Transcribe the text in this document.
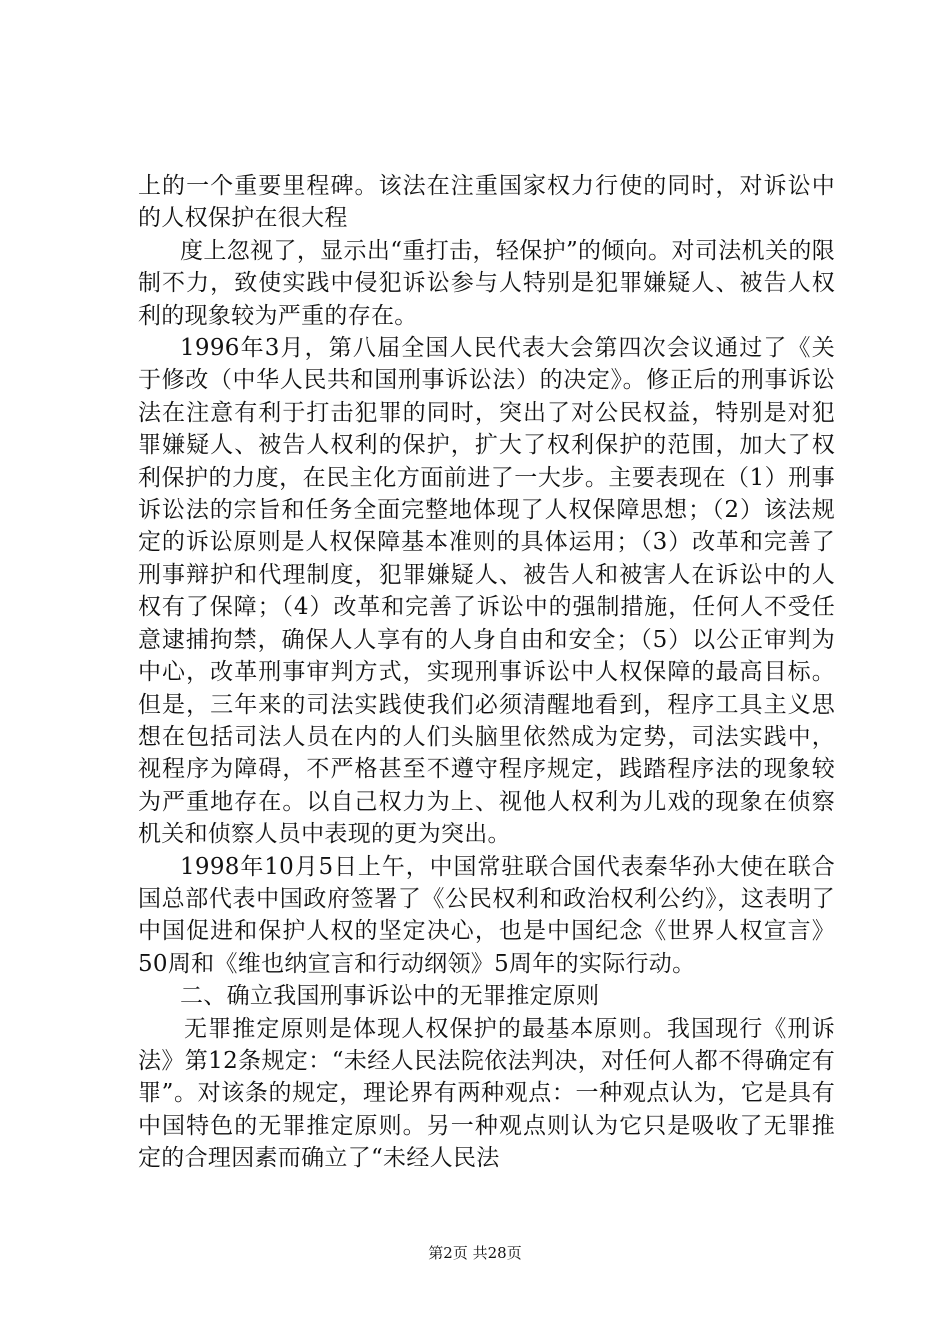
上的一个重要里程碑。该法在注重国家权力行使的同时，对诉讼中的人权保护在很大程

度上忽视了，显示出“重打击，轻保护”的倾向。对司法机关的限制不力，致使实践中侵犯诉讼参与人特别是犯罪嫌疑人、被告人权利的现象较为严重的存在。

1996年3月，第八届全国人民代表大会第四次会议通过了《关于修改（中华人民共和国刑事诉讼法）的决定》。修正后的刑事诉讼法在注意有利于打击犯罪的同时，突出了对公民权益，特别是对犯罪嫌疑人、被告人权利的保护，扩大了权利保护的范围，加大了权利保护的力度，在民主化方面前进了一大步。主要表现在（1）刑事诉讼法的宗旨和任务全面完整地体现了人权保障思想；（2）该法规定的诉讼原则是人权保障基本准则的具体运用；（3）改革和完善了刑事辩护和代理制度，犯罪嫌疑人、被告人和被害人在诉讼中的人权有了保障；（4）改革和完善了诉讼中的强制措施，任何人不受任意逮捕拘禁，确保人人享有的人身自由和安全；（5）以公正审判为中心，改革刑事审判方式，实现刑事诉讼中人权保障的最高目标。但是，三年来的司法实践使我们必须清醒地看到，程序工具主义思想在包括司法人员在内的人们头脑里依然成为定势，司法实践中，视程序为障碍，不严格甚至不遵守程序规定，践踏程序法的现象较为严重地存在。以自己权力为上、视他人权利为儿戏的现象在侦察机关和侦察人员中表现的更为突出。

1998年10月5日上午，中国常驻联合国代表秦华孙大使在联合国总部代表中国政府签署了《公民权利和政治权利公约》，这表明了中国促进和保护人权的坚定决心，也是中国纪念《世界人权宣言》50周和《维也纳宣言和行动纲领》5周年的实际行动。

二、确立我国刑事诉讼中的无罪推定原则

无罪推定原则是体现人权保护的最基本原则。我国现行《刑诉法》第12条规定：“未经人民法院依法判决，对任何人都不得确定有罪”。对该条的规定，理论界有两种观点：一种观点认为，它是具有中国特色的无罪推定原则。另一种观点则认为它只是吸收了无罪推定的合理因素而确立了“未经人民法

第2页 共28页
